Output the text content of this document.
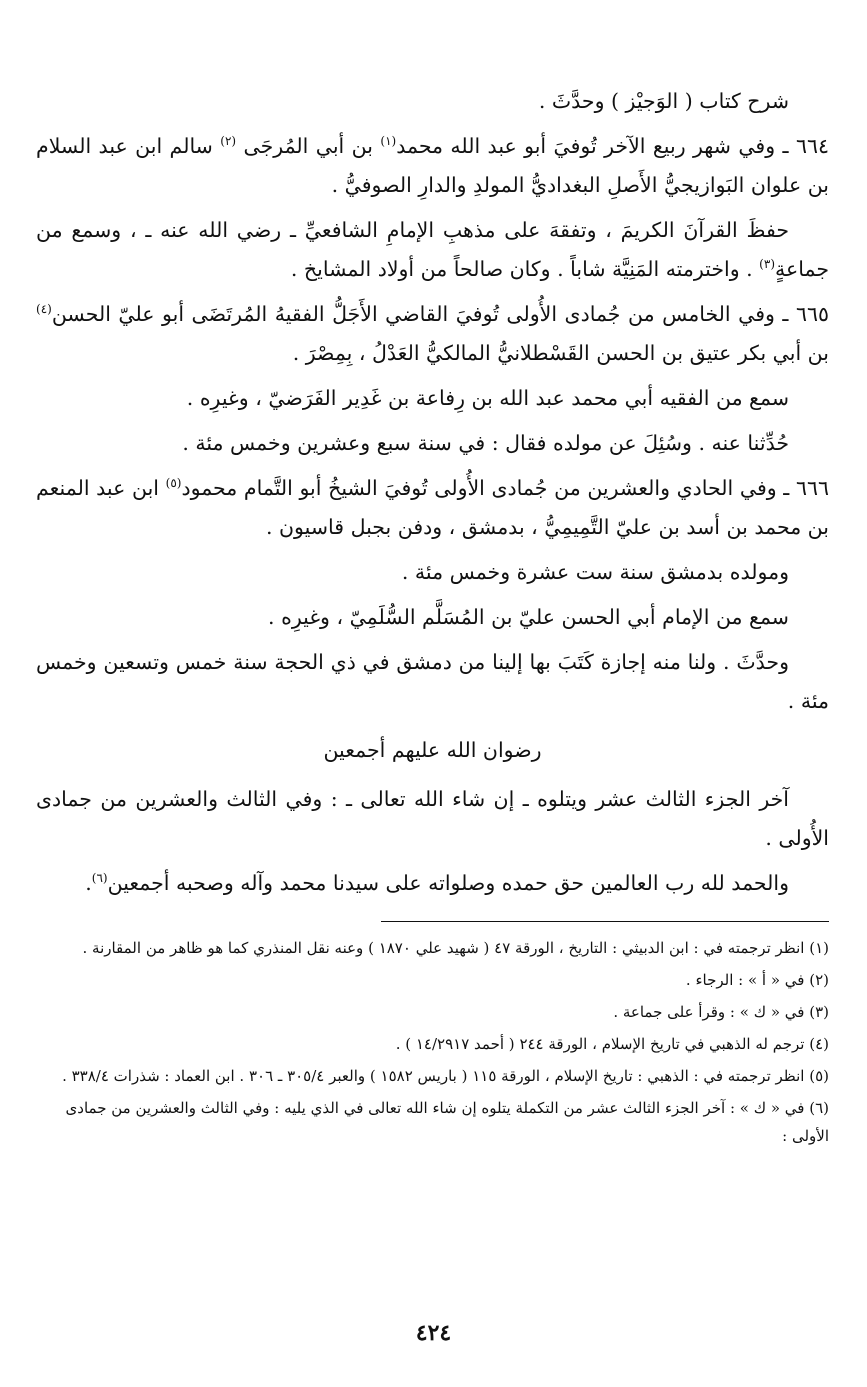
شرح كتاب ( الوَجيْز ) وحدَّثَ .

٦٦٤ ـ وفي شهر ربيع الآخر تُوفيَ أبو عبد الله محمد$^{(١)}$ بن أبي المُرجَى $^{(٢)}$ سالم ابن عبد السلام بن علوان البَوازيجيُّ الأَصلِ البغداديُّ المولدِ والدارِ الصوفيُّ .

حفظَ القرآنَ الكريمَ ، وتفقهَ على مذهبِ الإمامِ الشافعيِّ ـ رضي الله عنه ـ ، وسمع من جماعةٍ$^{(٣)}$ . واخترمته المَنِيَّة شاباً . وكان صالحاً من أولاد المشايخ .

٦٦٥ ـ وفي الخامس من جُمادى الأُولى تُوفيَ القاضي الأَجَلُّ الفقيهُ المُرتَضَى أبو عليّ الحسن$^{(٤)}$ بن أبي بكر عتيق بن الحسن القَسْطلانيُّ المالكيُّ العَدْلُ ، بِمِصْرَ .

سمع من الفقيه أبي محمد عبد الله بن رِفاعة بن غَدِير الفَرَضيّ ، وغيرِه .

حُدِّثنا عنه . وسُئِلَ عن مولده فقال : في سنة سبع وعشرين وخمس مئة .

٦٦٦ ـ وفي الحادي والعشرين من جُمادى الأُولى تُوفيَ الشيخُ أبو التَّمام محمود$^{(٥)}$ ابن عبد المنعم بن محمد بن أسد بن عليّ التَّمِيمِيُّ ، بدمشق ، ودفن بجبل قاسيون .

ومولده بدمشق سنة ست عشرة وخمس مئة .

سمع من الإمام أبي الحسن عليّ بن المُسَلَّم السُّلَمِيّ ، وغيرِه .

وحدَّثَ . ولنا منه إجازة كَتَبَ بها إلينا من دمشق في ذي الحجة سنة خمس وتسعين وخمس مئة .

رضوان الله عليهم أجمعين

آخر الجزء الثالث عشر ويتلوه ـ إن شاء الله تعالى ـ : وفي الثالث والعشرين من جمادى الأُولى .

والحمد لله رب العالمين حق حمده وصلواته على سيدنا محمد وآله وصحبه أجمعين$^{(٦)}$.

(١) انظر ترجمته في : ابن الدبيثي : التاريخ ، الورقة ٤٧ ( شهيد علي ١٨٧٠ ) وعنه نقل المنذري كما هو ظاهر من المقارنة .

(٢) في « أ » : الرجاء .

(٣) في « ك » : وقرأ على جماعة .

(٤) ترجم له الذهبي في تاريخ الإسلام ، الورقة ٢٤٤ ( أحمد ١٤/٢٩١٧ ) .

(٥) انظر ترجمته في : الذهبي : تاريخ الإسلام ، الورقة ١١٥ ( باريس ١٥٨٢ ) والعبر ٣٠٥/٤ ـ ٣٠٦ . ابن العماد : شذرات ٣٣٨/٤ .

(٦) في « ك » : آخر الجزء الثالث عشر من التكملة يتلوه إن شاء الله تعالى في الذي يليه : وفي الثالث والعشرين من جمادى الأولى :

٤٢٤
